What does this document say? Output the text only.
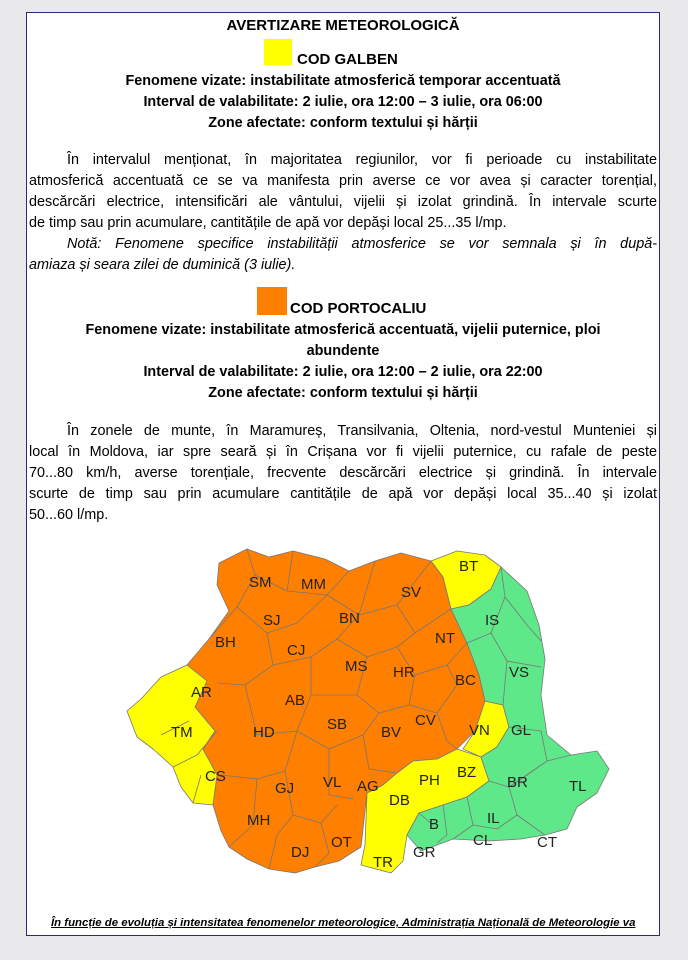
AVERTIZARE METEOROLOGICĂ
COD GALBEN
Fenomene vizate: instabilitate atmosferică temporar accentuată
Interval de valabilitate: 2 iulie, ora 12:00 – 3 iulie, ora 06:00
Zone afectate: conform textului și hărții
În intervalul menționat, în majoritatea regiunilor, vor fi perioade cu instabilitate
atmosferică accentuată ce se va manifesta prin averse ce vor avea și caracter torențial,
descărcări electrice, intensificări ale vântului, vijelii și izolat grindină. În intervale scurte
de timp sau prin acumulare, cantitățile de apă vor depăși local 25...35 l/mp.
Notă: Fenomene specifice instabilității atmosferice se vor semnala și în după-
amiaza și seara zilei de duminică (3 iulie).
COD PORTOCALIU
Fenomene vizate: instabilitate atmosferică accentuată, vijelii puternice, ploi
abundente
Interval de valabilitate: 2 iulie, ora 12:00 – 2 iulie, ora 22:00
Zone afectate: conform textului și hărții
În zonele de munte, în Maramureș, Transilvania, Oltenia, nord-vestul Munteniei și
local în Moldova, iar spre seară și în Crișana vor fi vijelii puternice, cu rafale de peste
70...80 km/h, averse torențiale, frecvente descărcări electrice și grindină. În intervale
scurte de timp sau prin acumulare cantitățile de apă vor depăși local 35...40 și izolat
50...60 l/mp.
SM MM
BT
SV
SJ	BN	IS
BH	CJ
NT
MS HR	BC VS
AR	AB
CV
VN GL
TM	HD	SB BV
CS
GJ VL AG	PH BZ
BR	TL
DB
B	IL
MH
DJ
OT
TR
GR
CL	CT
În funcție de evoluția și intensitatea fenomenelor meteorologice, Administrația Națională de Meteorologie va
